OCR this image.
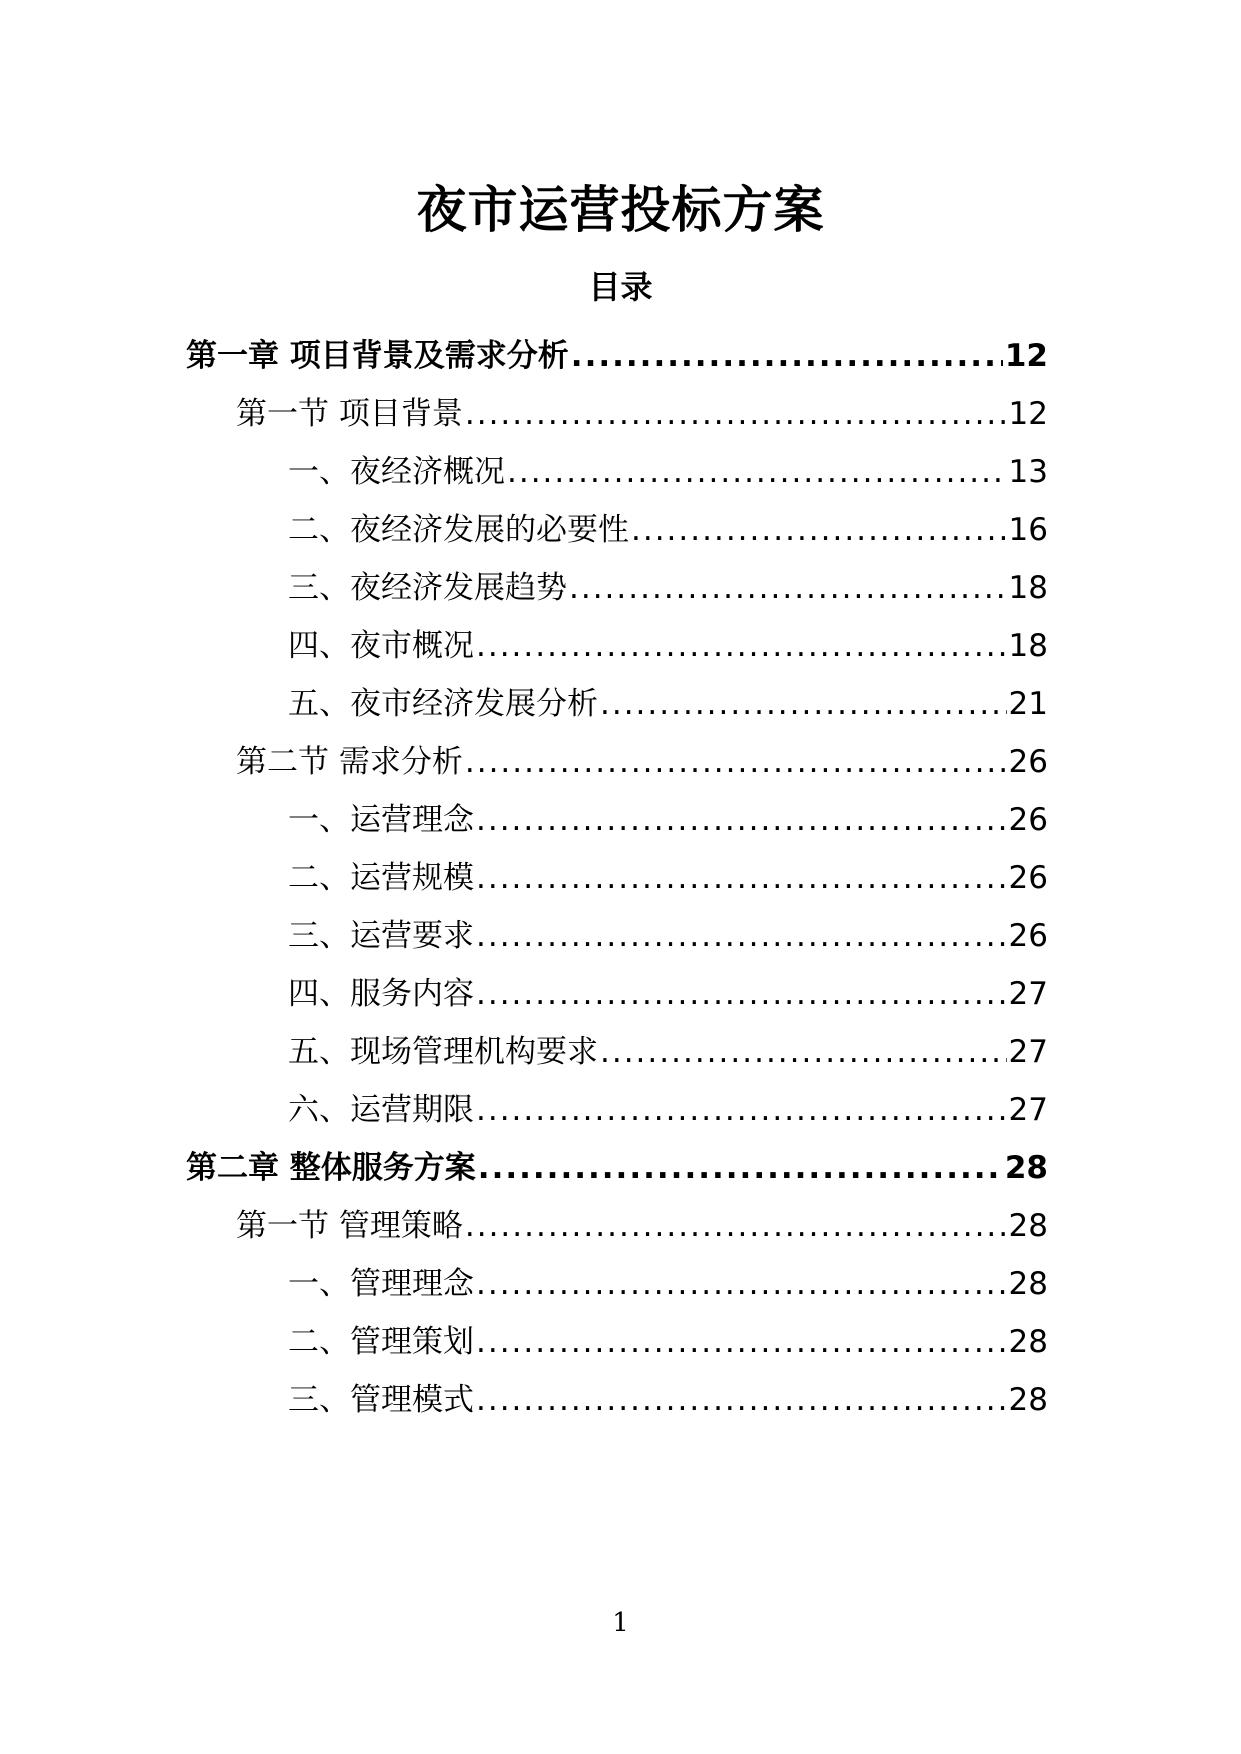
夜市运营投标方案
目录
第一章 项目背景及需求分析 .....	12
第一节 项目背景 .....	12
一、夜经济概况 .....	13
二、夜经济发展的必要性 .....	16
三、夜经济发展趋势 .....	18
四、夜市概况 .....	18
五、夜市经济发展分析 .....	21
第二节 需求分析 .....	26
一、运营理念 .....	26
二、运营规模 .....	26
三、运营要求 .....	26
四、服务内容 .....	27
五、现场管理机构要求 .....	27
六、运营期限 .....	27
第二章 整体服务方案 .....	28
第一节 管理策略 .....	28
一、管理理念 .....	28
二、管理策划 .....	28
三、管理模式 .....	28
1
